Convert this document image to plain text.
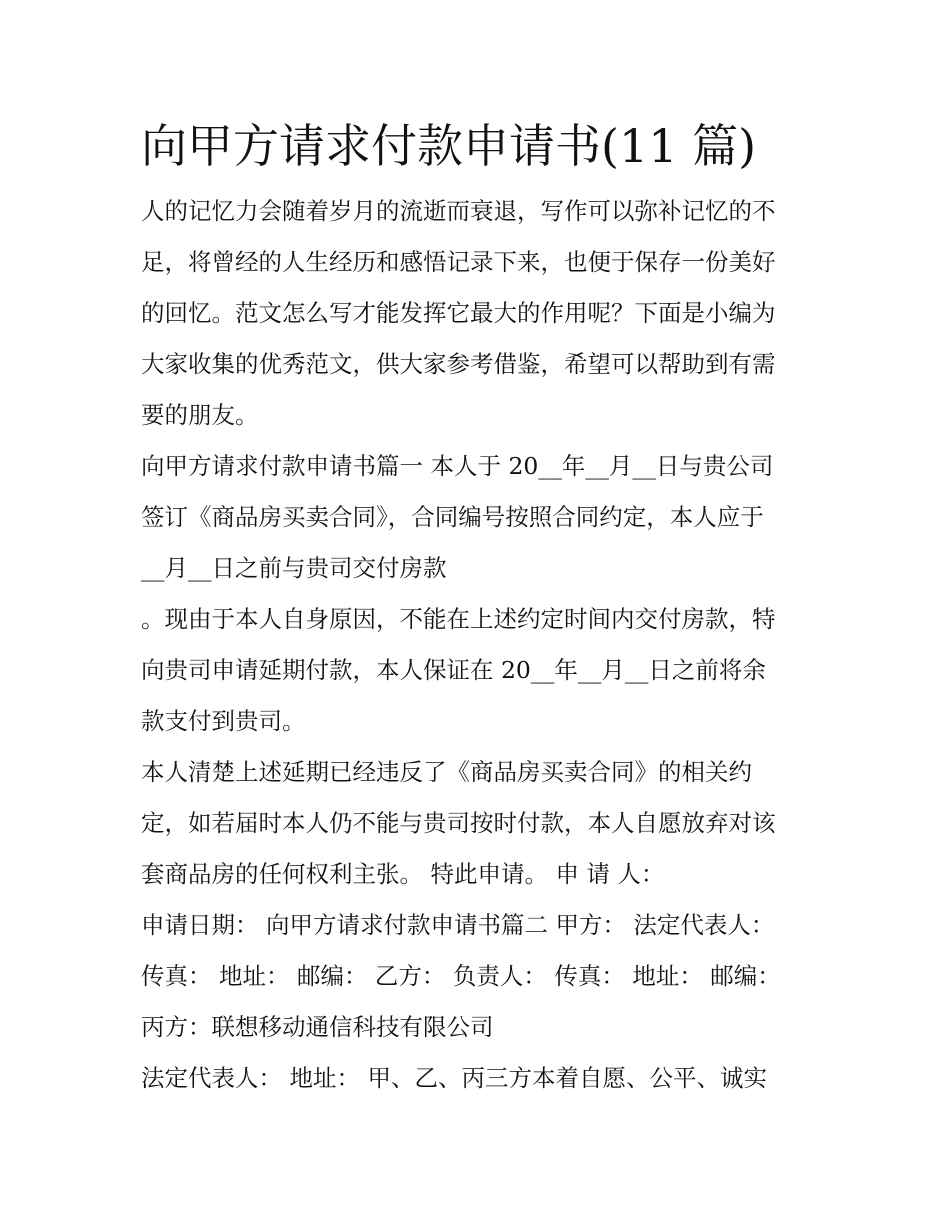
向甲方请求付款申请书(11 篇)

人的记忆力会随着岁月的流逝而衰退，写作可以弥补记忆的不

足，将曾经的人生经历和感悟记录下来，也便于保存一份美好

的回忆。范文怎么写才能发挥它最大的作用呢？下面是小编为

大家收集的优秀范文，供大家参考借鉴，希望可以帮助到有需

要的朋友。

向甲方请求付款申请书篇一 本人于 20__年__月__日与贵公司

签订《商品房买卖合同》，合同编号按照合同约定，本人应于

__月__日之前与贵司交付房款

。现由于本人自身原因，不能在上述约定时间内交付房款，特

向贵司申请延期付款，本人保证在 20__年__月__日之前将余

款支付到贵司。

本人清楚上述延期已经违反了《商品房买卖合同》的相关约

定，如若届时本人仍不能与贵司按时付款，本人自愿放弃对该

套商品房的任何权利主张。 特此申请。 申 请 人：

申请日期： 向甲方请求付款申请书篇二 甲方： 法定代表人：

传真： 地址： 邮编： 乙方： 负责人： 传真： 地址： 邮编：

丙方：联想移动通信科技有限公司

法定代表人： 地址： 甲、乙、丙三方本着自愿、公平、诚实
